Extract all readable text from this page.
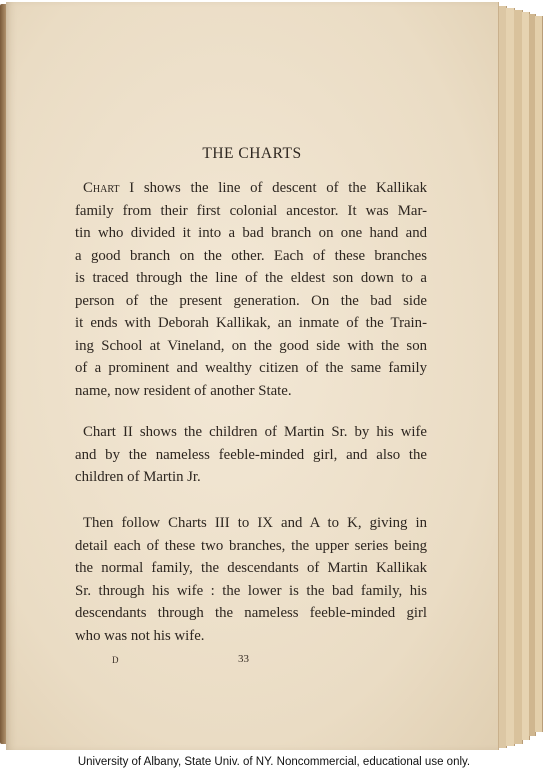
THE CHARTS
Chart I shows the line of descent of the Kallikak
family from their first colonial ancestor. It was Mar-
tin who divided it into a bad branch on one hand and
a good branch on the other. Each of these branches
is traced through the line of the eldest son down to a
person of the present generation. On the bad side
it ends with Deborah Kallikak, an inmate of the Train-
ing School at Vineland, on the good side with the son
of a prominent and wealthy citizen of the same family
name, now resident of another State.
Chart II shows the children of Martin Sr. by his wife
and by the nameless feeble-minded girl, and also the
children of Martin Jr.
Then follow Charts III to IX and A to K, giving in
detail each of these two branches, the upper series being
the normal family, the descendants of Martin Kallikak
Sr. through his wife : the lower is the bad family, his
descendants through the nameless feeble-minded girl
who was not his wife.
D	33
University of Albany, State Univ. of NY. Noncommercial, educational use only.
